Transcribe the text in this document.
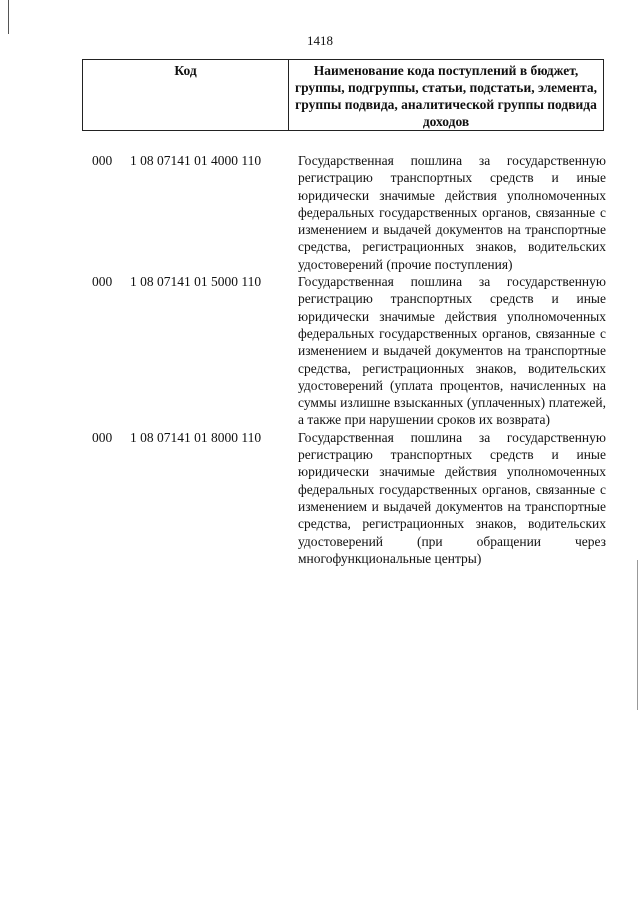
1418
Код	Наименование кода поступлений в бюджет, группы, подгруппы, статьи, подстатьи, элемента, группы подвида, аналитической группы подвида доходов
000	1 08 07141 01 4000 110	Государственная пошлина за государственную регистрацию транспортных средств и иные юридически значимые действия уполномоченных федеральных государственных органов, связанные с изменением и выдачей документов на транспортные средства, регистрационных знаков, водительских удостоверений (прочие поступления)
000	1 08 07141 01 5000 110	Государственная пошлина за государственную регистрацию транспортных средств и иные юридически значимые действия уполномоченных федеральных государственных органов, связанные с изменением и выдачей документов на транспортные средства, регистрационных знаков, водительских удостоверений (уплата процентов, начисленных на суммы излишне взысканных (уплаченных) платежей, а также при нарушении сроков их возврата)
000	1 08 07141 01 8000 110	Государственная пошлина за государственную регистрацию транспортных средств и иные юридически значимые действия уполномоченных федеральных государственных органов, связанные с изменением и выдачей документов на транспортные средства, регистрационных знаков, водительских удостоверений (при обращении через многофункциональные центры)
